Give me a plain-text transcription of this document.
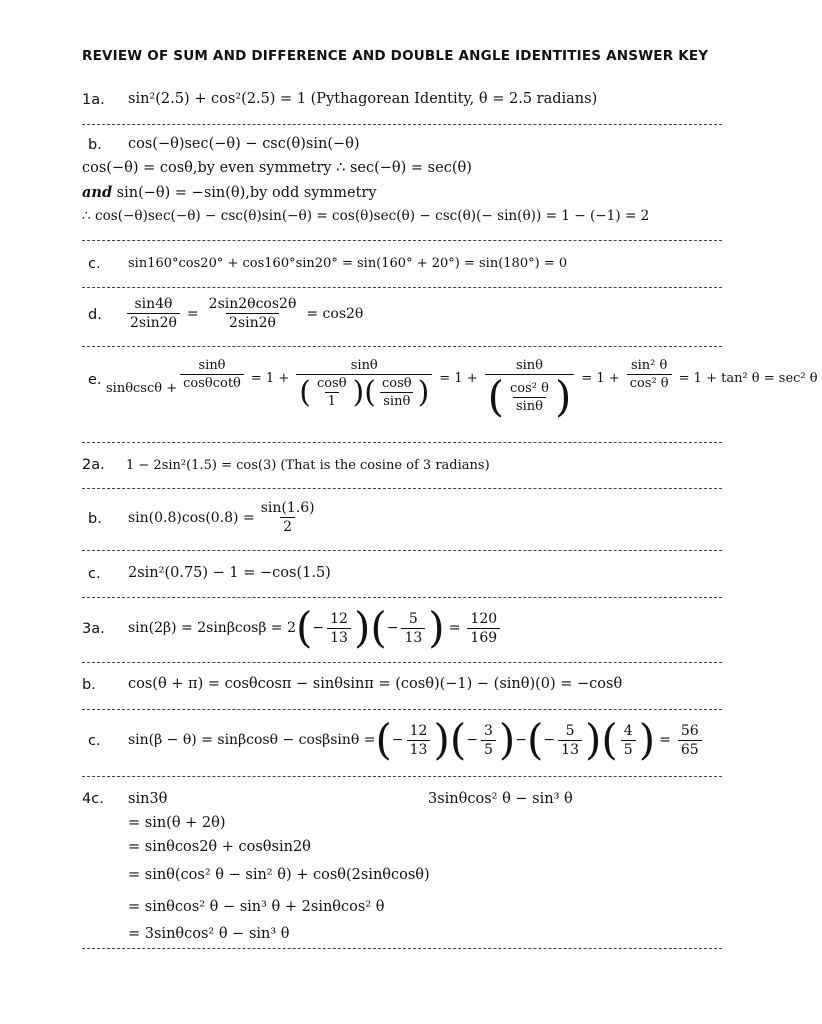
REVIEW OF SUM AND DIFFERENCE AND DOUBLE ANGLE IDENTITIES ANSWER KEY
1a. sin²(2.5) + cos²(2.5) = 1 (Pythagorean Identity, θ = 2.5 radians)
b. cos(−θ)sec(−θ) − csc(θ)sin(−θ)
cos(−θ) = cosθ,by even symmetry ∴ sec(−θ) = sec(θ)
and sin(−θ) = −sin(θ),by odd symmetry
∴ cos(−θ)sec(−θ) − csc(θ)sin(−θ) = cos(θ)sec(θ) − csc(θ)(− sin(θ)) = 1 − (−1) = 2
c. sin160°cos20° + cos160°sin20° = sin(160° + 20°) = sin(180°) = 0
d. $\frac{\sin 4\theta}{2\sin 2\theta} = \frac{2\sin 2\theta\cos 2\theta}{2\sin 2\theta} = \cos 2\theta$
e. $\sin\theta\csc\theta + \frac{\sin\theta}{\cos\theta\cot\theta} = 1 + \frac{\sin\theta}{( \frac{\cos\theta}{1} )( \frac{\cos\theta}{\sin\theta} )} = 1 + \frac{\sin\theta}{( \frac{\text{cos² θ}}{\sin\theta} )} = 1 + \frac{\text{sin² θ}}{\text{cos² θ}} = 1 + \tan^2$ θ = sec² θ
2a. 1 − 2sin²(1.5) = cos(3) (That is the cosine of 3 radians)
b. $\sin(0.8)\cos(0.8) = \frac{\sin(1.6)}{2}$
c. 2sin²(0.75) − 1 = −cos(1.5)
3a. sin(2β) = 2sinβcosβ = 2 ( − $\frac{12}{13}$ )( − $\frac{5}{13}$ ) = $\frac{120}{169}$
b. cos(θ + π) = cosθcosπ − sinθsinπ = (cosθ)(−1) − (sinθ)(0) = −cosθ
c. sin(β − θ) = sinβcosθ − cosβsinθ = ( − $\frac{12}{13}$ )( − $\frac{3}{5}$ ) − ( − $\frac{5}{13}$ )( $\frac{4}{5}$ ) = $\frac{56}{65}$
4c.	3sinθcos² θ − sin³ θ
sin3θ
= sin(θ + 2θ)
= sinθcos2θ + cosθsin2θ
= sinθ(cos² θ − sin² θ) + cosθ(2sinθcosθ)
= sinθcos² θ − sin³ θ + 2sinθcos² θ
= 3sinθcos² θ − sin³ θ
